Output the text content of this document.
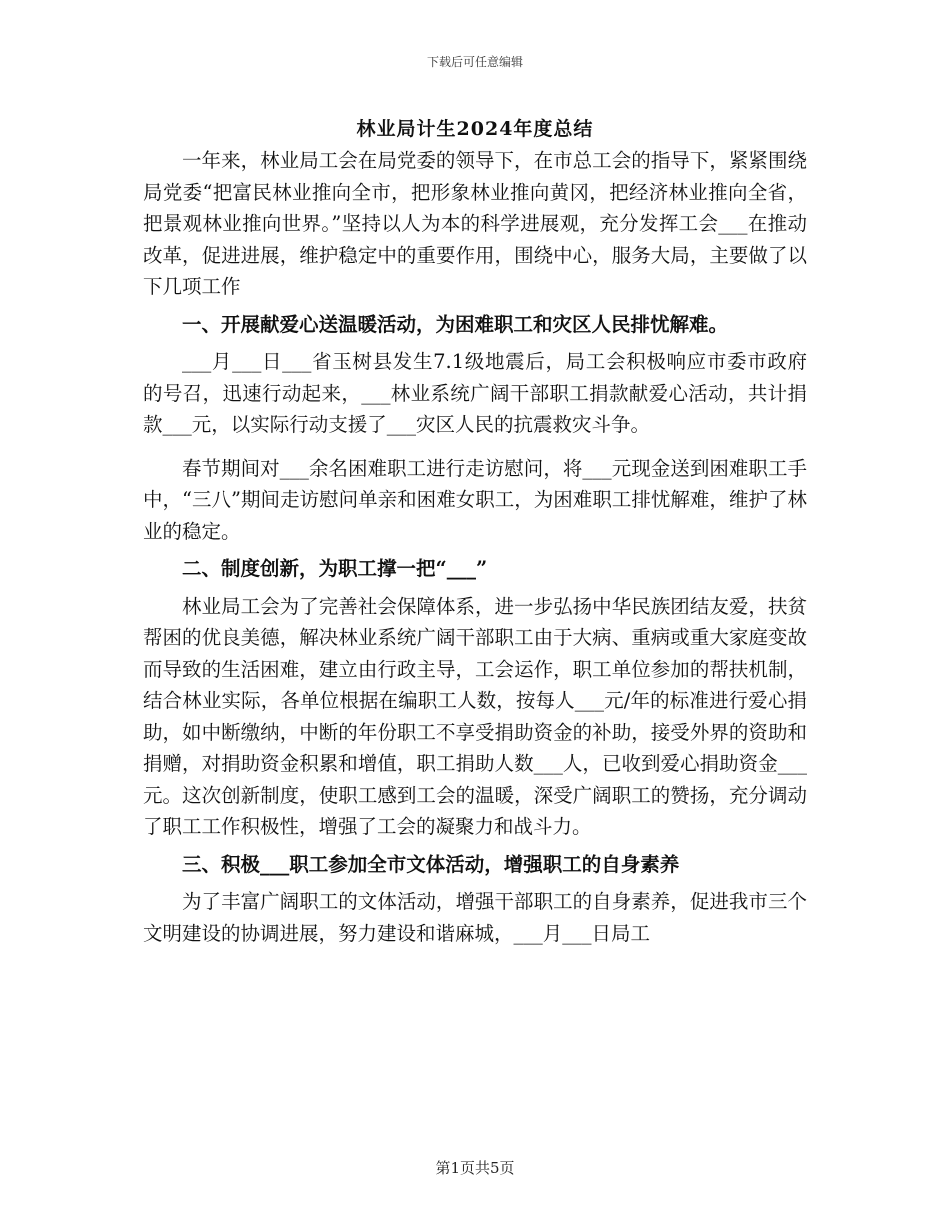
下载后可任意编辑
林业局计生2024年度总结

一年来，林业局工会在局党委的领导下，在市总工会的指导下，紧紧围绕局党委“把富民林业推向全市，把形象林业推向黄冈，把经济林业推向全省，把景观林业推向世界。”坚持以人为本的科学进展观，充分发挥工会___在推动改革，促进进展，维护稳定中的重要作用，围绕中心，服务大局，主要做了以下几项工作

一、开展献爱心送温暖活动，为困难职工和灾区人民排忧解难。

___月___日___省玉树县发生7.1级地震后，局工会积极响应市委市政府的号召，迅速行动起来，___林业系统广阔干部职工捐款献爱心活动，共计捐款___元，以实际行动支援了___灾区人民的抗震救灾斗争。

春节期间对___余名困难职工进行走访慰问，将___元现金送到困难职工手中，“三八”期间走访慰问单亲和困难女职工，为困难职工排忧解难，维护了林业的稳定。

二、制度创新，为职工撑一把“___”

林业局工会为了完善社会保障体系，进一步弘扬中华民族团结友爱，扶贫帮困的优良美德，解决林业系统广阔干部职工由于大病、重病或重大家庭变故而导致的生活困难，建立由行政主导，工会运作，职工单位参加的帮扶机制，结合林业实际，各单位根据在编职工人数，按每人___元/年的标准进行爱心捐助，如中断缴纳，中断的年份职工不享受捐助资金的补助，接受外界的资助和捐赠，对捐助资金积累和增值，职工捐助人数___人，已收到爱心捐助资金___元。这次创新制度，使职工感到工会的温暖，深受广阔职工的赞扬，充分调动了职工工作积极性，增强了工会的凝聚力和战斗力。

三、积极___职工参加全市文体活动，增强职工的自身素养

为了丰富广阔职工的文体活动，增强干部职工的自身素养，促进我市三个文明建设的协调进展，努力建设和谐麻城，___月___日局工

第1页共5页
